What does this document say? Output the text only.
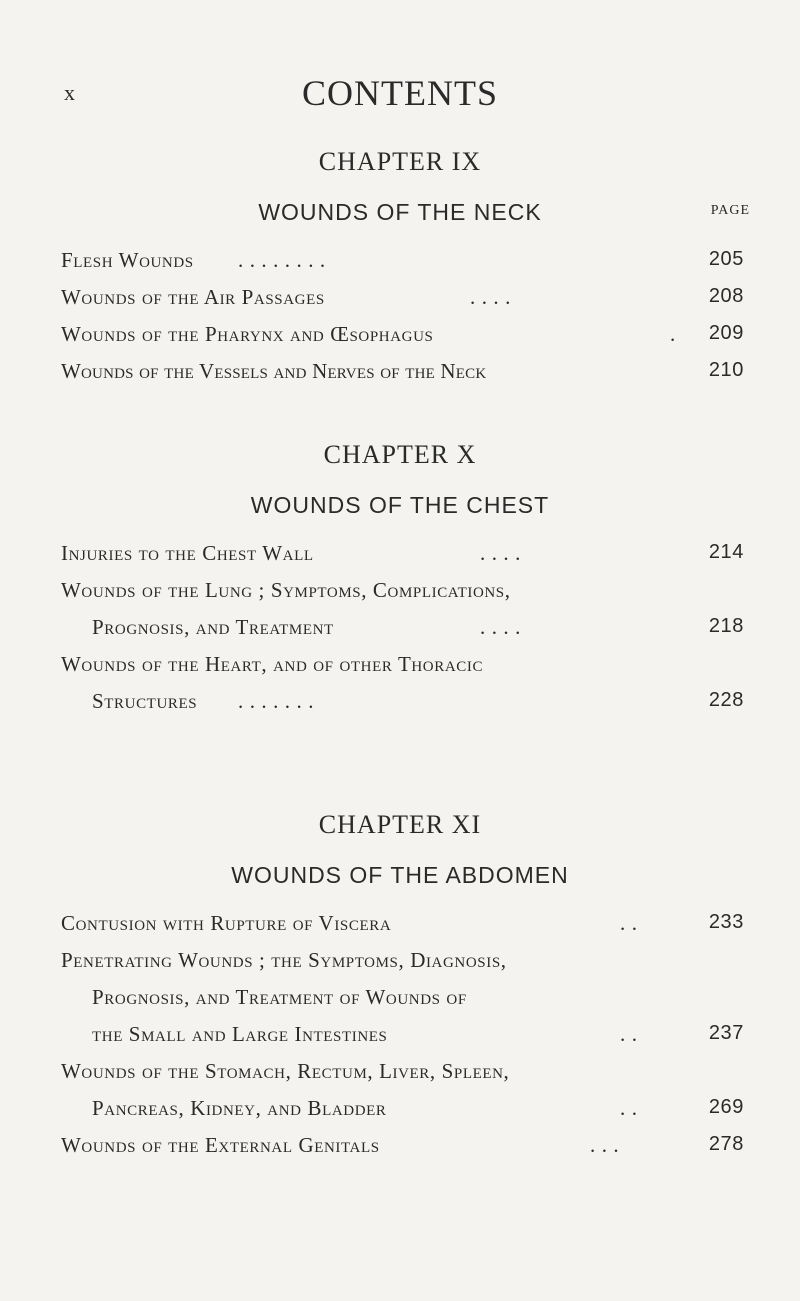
x	CONTENTS
CHAPTER IX
WOUNDS OF THE NECK	PAGE
Flesh Wounds . . . . . . . .	205
Wounds of the Air Passages	. . . .	208
Wounds of the Pharynx and Œsophagus	. 209
Wounds of the Vessels and Nerves of the Neck	210
CHAPTER X
WOUNDS OF THE CHEST
Injuries to the Chest Wall	. . . .	214
Wounds of the Lung ; Symptoms, Complications,
Prognosis, and Treatment	. . . .	218
Wounds of the Heart, and of other Thoracic
Structures . . . . . . .	228
CHAPTER XI
WOUNDS OF THE ABDOMEN
Contusion with Rupture of Viscera	. .	233
Penetrating Wounds ; the Symptoms, Diagnosis,
Prognosis, and Treatment of Wounds of
the Small and Large Intestines	. .	237
Wounds of the Stomach, Rectum, Liver, Spleen,
Pancreas, Kidney, and Bladder	. .	269
Wounds of the External Genitals	. . .	278
